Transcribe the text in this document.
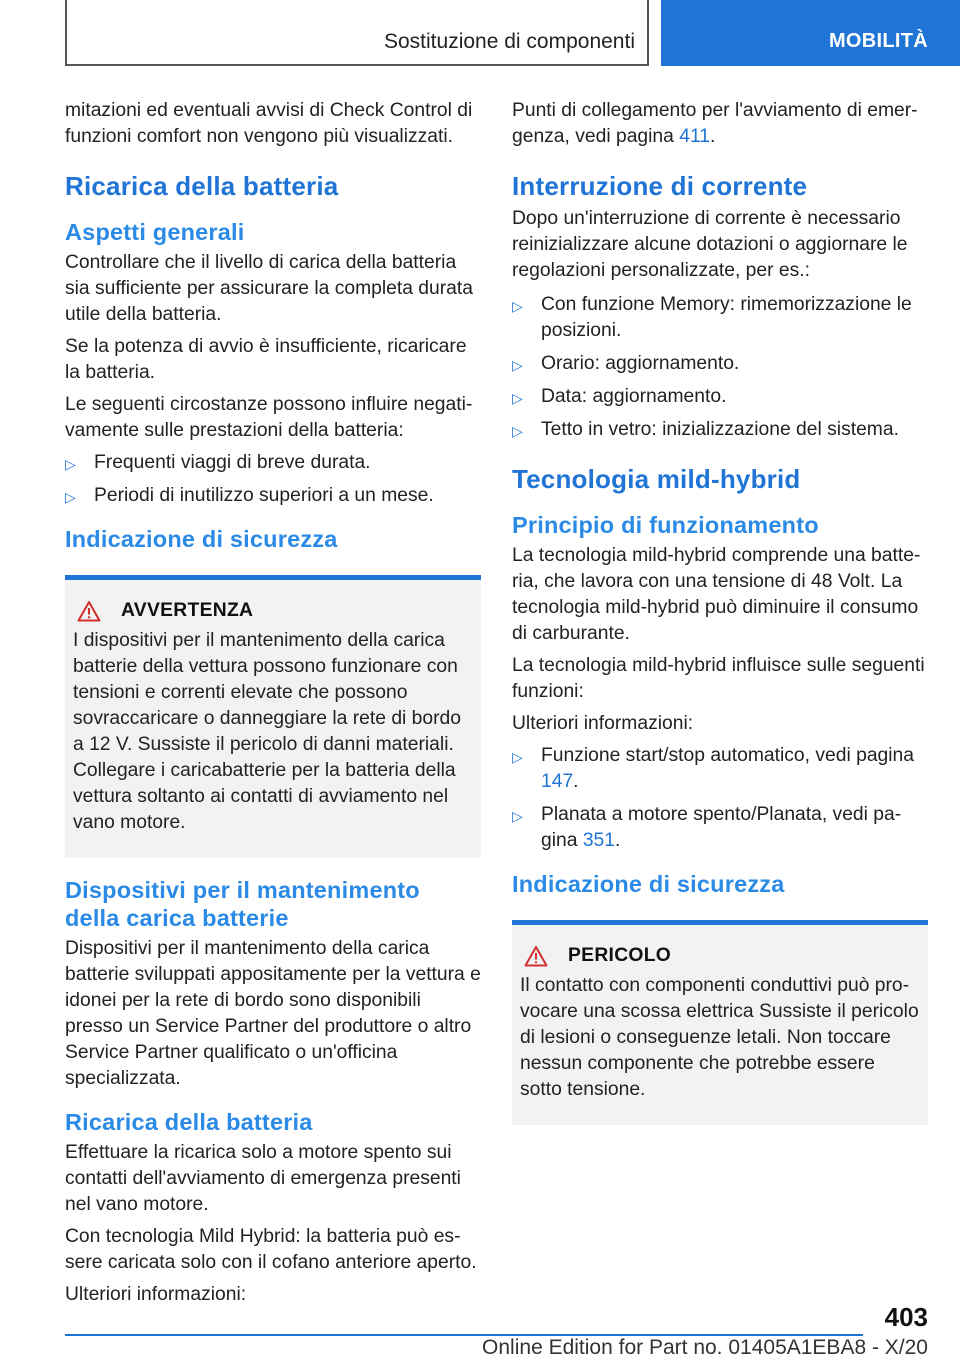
Sostituzione di componenti	MOBILITÀ

mitazioni ed eventuali avvisi di Check Control di funzioni comfort non vengono più visualizzati.

Ricarica della batteria
Aspetti generali

Controllare che il livello di carica della batteria sia sufficiente per assicurare la completa durata utile della batteria.

Se la potenza di avvio è insufficiente, ricaricare la batteria.

Le seguenti circostanze possono influire negativamente sulle prestazioni della batteria:

▷ Frequenti viaggi di breve durata.
▷ Periodi di inutilizzo superiori a un mese.
Indicazione di sicurezza
AVVERTENZA

I dispositivi per il mantenimento della carica batterie della vettura possono funzionare con tensioni e correnti elevate che possono sovraccaricare o danneggiare la rete di bordo a 12 V. Sussiste il pericolo di danni materiali. Collegare i caricabatterie per la batteria della vettura soltanto ai contatti di avviamento nel vano motore.

Dispositivi per il mantenimento della carica batterie

Dispositivi per il mantenimento della carica batterie sviluppati appositamente per la vettura e idonei per la rete di bordo sono disponibili presso un Service Partner del produttore o altro Service Partner qualificato o un'officina specializzata.

Ricarica della batteria

Effettuare la ricarica solo a motore spento sui contatti dell'avviamento di emergenza presenti nel vano motore.

Con tecnologia Mild Hybrid: la batteria può essere caricata solo con il cofano anteriore aperto.

Ulteriori informazioni:

Punti di collegamento per l'avviamento di emergenza, vedi pagina 411.

Interruzione di corrente

Dopo un'interruzione di corrente è necessario reinizializzare alcune dotazioni o aggiornare le regolazioni personalizzate, per es.:

▷ Con funzione Memory: rimemorizzazione le posizioni.
▷ Orario: aggiornamento.
▷ Data: aggiornamento.
▷ Tetto in vetro: inizializzazione del sistema.
Tecnologia mild-hybrid
Principio di funzionamento

La tecnologia mild-hybrid comprende una batteria, che lavora con una tensione di 48 Volt. La tecnologia mild-hybrid può diminuire il consumo di carburante.

La tecnologia mild-hybrid influisce sulle seguenti funzioni:

Ulteriori informazioni:

▷ Funzione start/stop automatico, vedi pagina 147.
▷ Planata a motore spento/Planata, vedi pagina 351.
Indicazione di sicurezza
PERICOLO

Il contatto con componenti conduttivi può provocare una scossa elettrica Sussiste il pericolo di lesioni o conseguenze letali. Non toccare nessun componente che potrebbe essere sotto tensione.

403
Online Edition for Part no. 01405A1EBA8 - X/20
